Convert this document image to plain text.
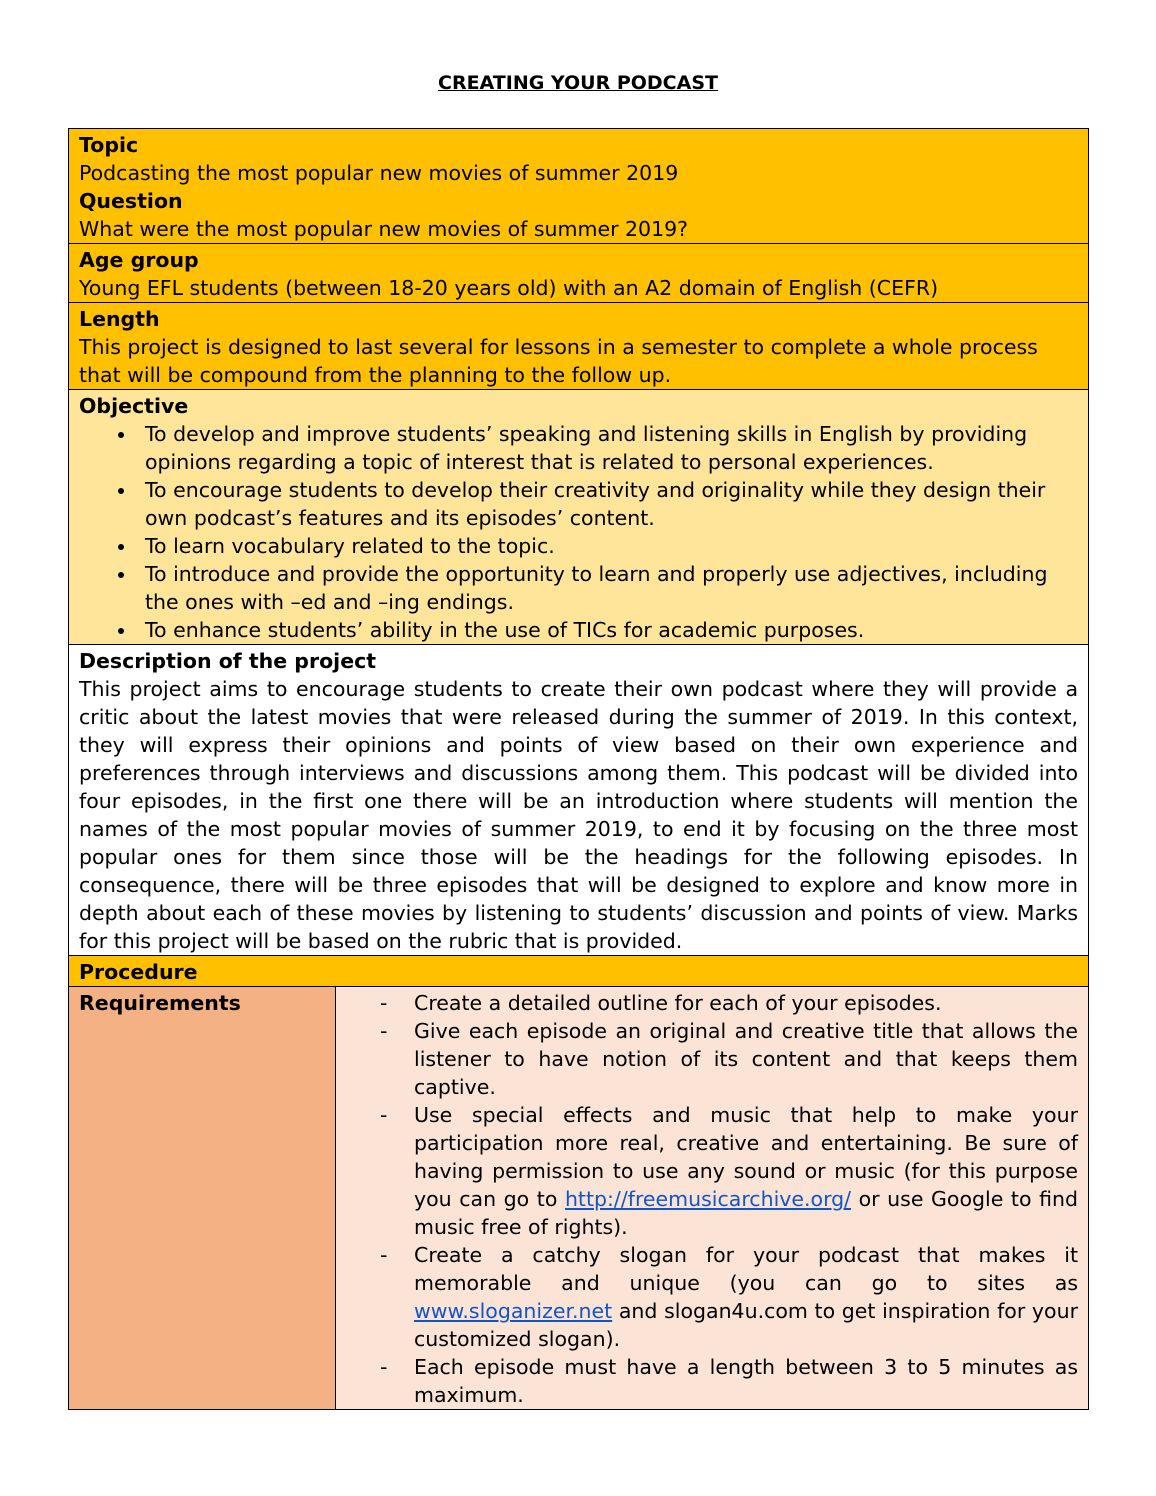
CREATING YOUR PODCAST
Topic
Podcasting the most popular new movies of summer 2019
Question
What were the most popular new movies of summer 2019?

Age group
Young EFL students (between 18-20 years old) with an A2 domain of English (CEFR)

Length
This project is designed to last several for lessons in a semester to complete a whole process that will be compound from the planning to the follow up.

Objective
• To develop and improve students’ speaking and listening skills in English by providing opinions regarding a topic of interest that is related to personal experiences.
• To encourage students to develop their creativity and originality while they design their own podcast’s features and its episodes’ content.
• To learn vocabulary related to the topic.
• To introduce and provide the opportunity to learn and properly use adjectives, including the ones with –ed and –ing endings.
• To enhance students’ ability in the use of TICs for academic purposes.

Description of the project
This project aims to encourage students to create their own podcast where they will provide a critic about the latest movies that were released during the summer of 2019. In this context, they will express their opinions and points of view based on their own experience and preferences through interviews and discussions among them. This podcast will be divided into four episodes, in the first one there will be an introduction where students will mention the names of the most popular movies of summer 2019, to end it by focusing on the three most popular ones for them since those will be the headings for the following episodes. In consequence, there will be three episodes that will be designed to explore and know more in depth about each of these movies by listening to students’ discussion and points of view. Marks for this project will be based on the rubric that is provided.

Procedure
Requirements	
-Create a detailed outline for each of your episodes.
- Give each episode an original and creative title that allows the listener to have notion of its content and that keeps them captive.
- Use special effects and music that help to make your participation more real, creative and entertaining. Be sure of having permission to use any sound or music (for this purpose you can go to http://freemusicarchive.org/ or use Google to find music free of rights).
- Create a catchy slogan for your podcast that makes it memorable and unique (you can go to sites as www.sloganizer.net and slogan4u.com to get inspiration for your customized slogan).
- Each episode must have a length between 3 to 5 minutes as maximum.
